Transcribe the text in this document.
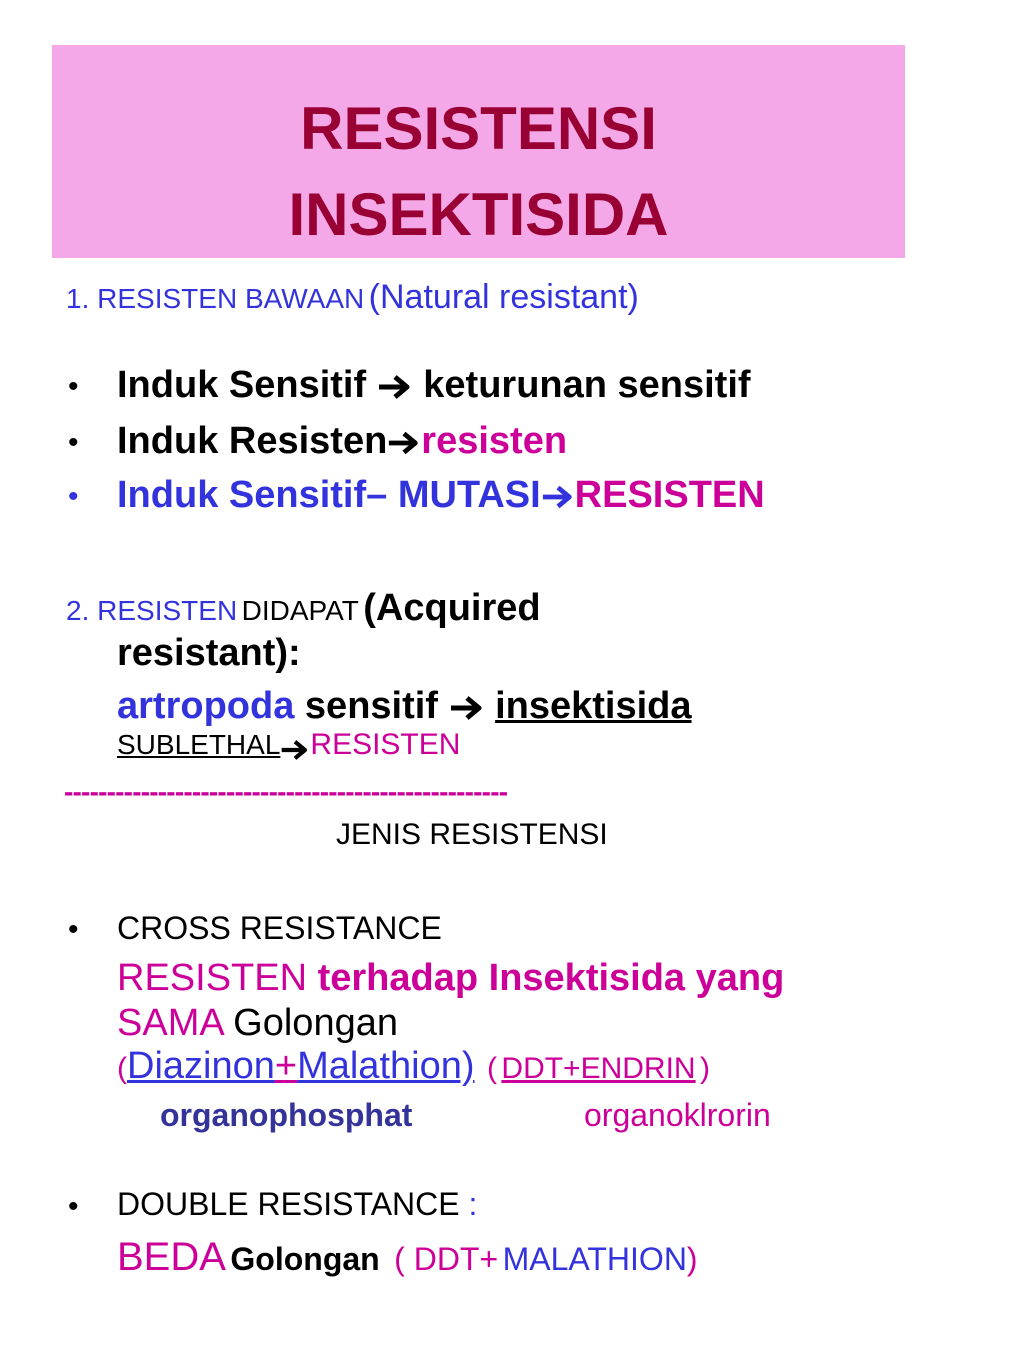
RESISTENSI
INSEKTISIDA
1. RESISTEN BAWAAN (Natural resistant)
• Induk Sensitif keturunan sensitif
• Induk Resisten resisten
• Induk Sensitif– MUTASI RESISTEN
2. RESISTEN DIDAPAT (Acquired
resistant):
artropoda sensitif insektisida
SUBLETHAL RESISTEN
----------------------------------------------------
JENIS RESISTENSI
• CROSS RESISTANCE
RESISTEN terhadap Insektisida yang
SAMA Golongan
(Diazinon+Malathion) ( DDT+ENDRIN )
organophosphat	organoklrorin
• DOUBLE RESISTANCE :
BEDA Golongan ( DDT+ MALATHION)
